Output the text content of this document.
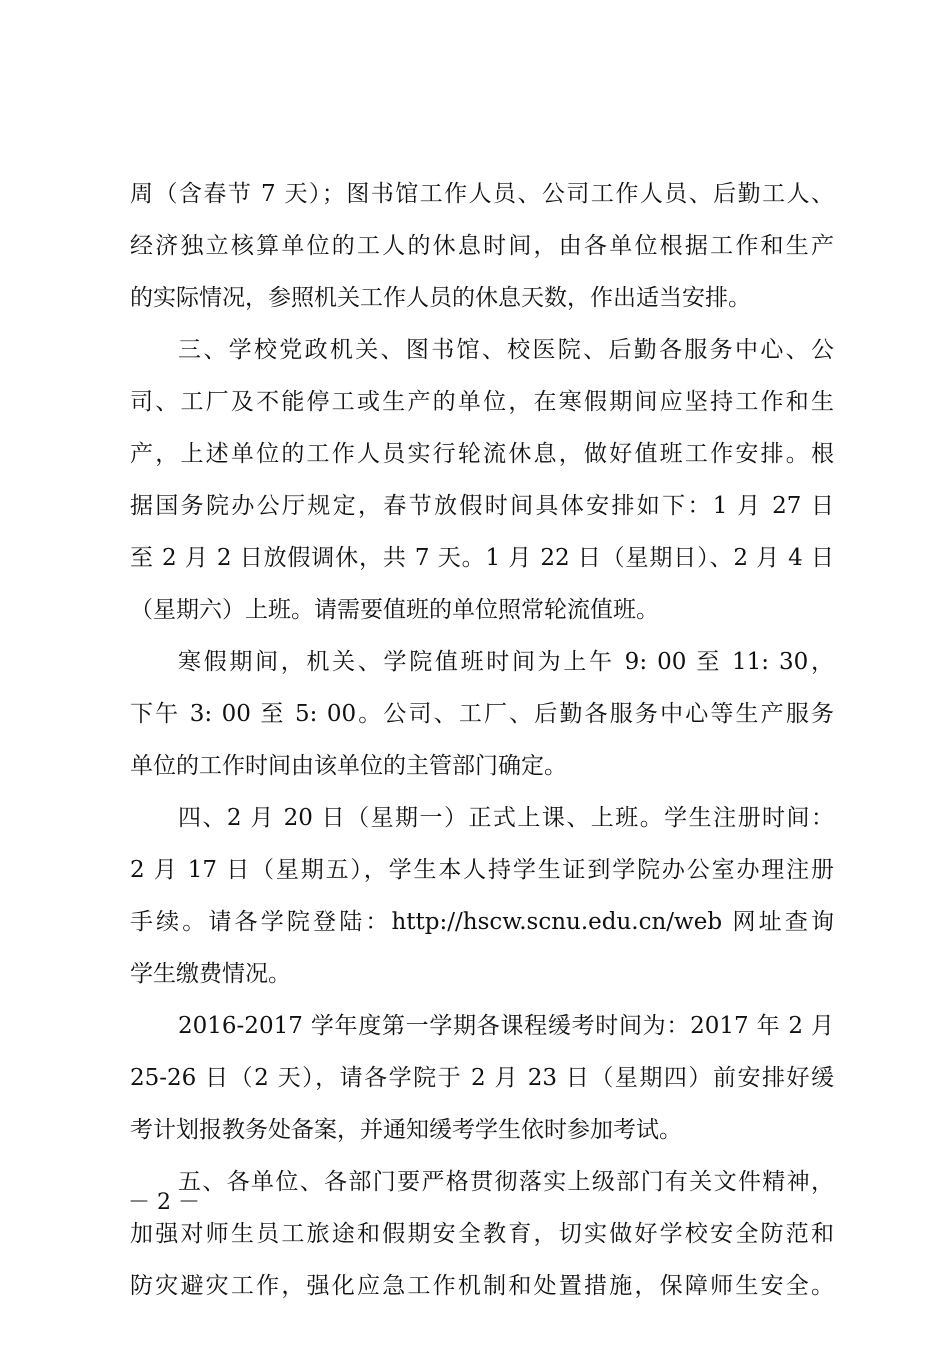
周（含春节 7 天）；图书馆工作人员、公司工作人员、后勤工人、
经济独立核算单位的工人的休息时间，由各单位根据工作和生产
的实际情况，参照机关工作人员的休息天数，作出适当安排。
三、学校党政机关、图书馆、校医院、后勤各服务中心、公
司、工厂及不能停工或生产的单位，在寒假期间应坚持工作和生
产，上述单位的工作人员实行轮流休息，做好值班工作安排。根
据国务院办公厅规定，春节放假时间具体安排如下：1 月 27 日
至 2 月 2 日放假调休，共 7 天。1 月 22 日（星期日）、2 月 4 日
（星期六）上班。请需要值班的单位照常轮流值班。
寒假期间，机关、学院值班时间为上午 9: 00 至 11: 30，
下午 3: 00 至 5: 00。公司、工厂、后勤各服务中心等生产服务
单位的工作时间由该单位的主管部门确定。
四、2 月 20 日（星期一）正式上课、上班。学生注册时间：
2 月 17 日（星期五），学生本人持学生证到学院办公室办理注册
手续。请各学院登陆：http://hscw.scnu.edu.cn/web 网址查询
学生缴费情况。
2016-2017 学年度第一学期各课程缓考时间为：2017 年 2 月
25-26 日（2 天），请各学院于 2 月 23 日（星期四）前安排好缓
考计划报教务处备案，并通知缓考学生依时参加考试。
五、各单位、各部门要严格贯彻落实上级部门有关文件精神，
加强对师生员工旅途和假期安全教育，切实做好学校安全防范和
防灾避灾工作，强化应急工作机制和处置措施，保障师生安全。
－ 2 －
